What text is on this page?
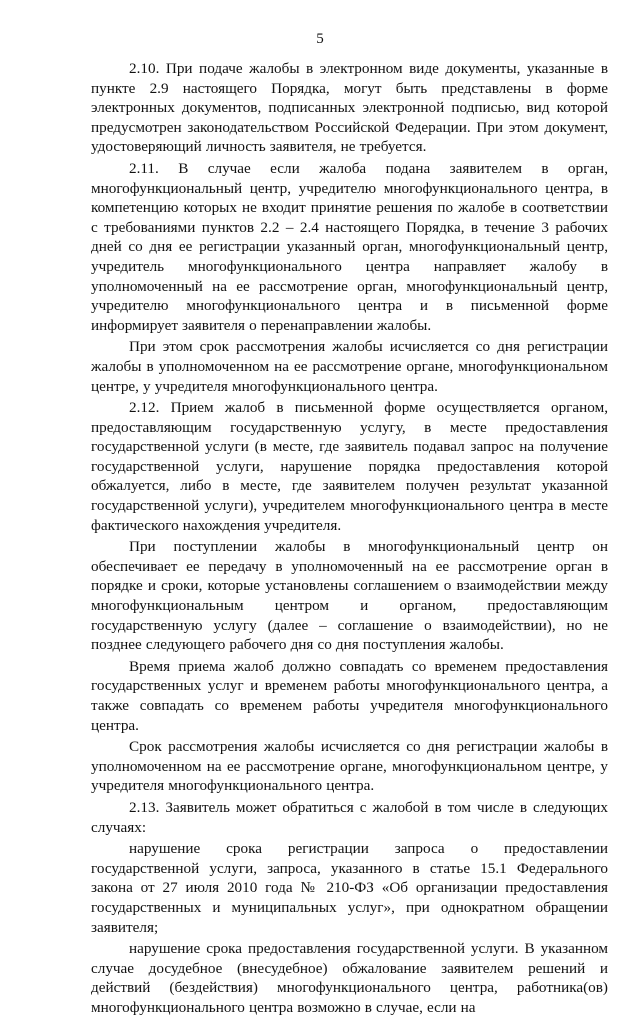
5

2.10. При подаче жалобы в электронном виде документы, указанные в пункте 2.9 настоящего Порядка, могут быть представлены в форме электронных документов, подписанных электронной подписью, вид которой предусмотрен законодательством Российской Федерации. При этом документ, удостоверяющий личность заявителя, не требуется.

2.11. В случае если жалоба подана заявителем в орган, многофункциональный центр, учредителю многофункционального центра, в компетенцию которых не входит принятие решения по жалобе в соответствии с требованиями пунктов 2.2 – 2.4 настоящего Порядка, в течение 3 рабочих дней со дня ее регистрации указанный орган, многофункциональный центр, учредитель многофункционального центра направляет жалобу в уполномоченный на ее рассмотрение орган, многофункциональный центр, учредителю многофункционального центра и в письменной форме информирует заявителя о перенаправлении жалобы.

При этом срок рассмотрения жалобы исчисляется со дня регистрации жалобы в уполномоченном на ее рассмотрение органе, многофункциональном центре, у учредителя многофункционального центра.

2.12. Прием жалоб в письменной форме осуществляется органом, предоставляющим государственную услугу, в месте предоставления государственной услуги (в месте, где заявитель подавал запрос на получение государственной услуги, нарушение порядка предоставления которой обжалуется, либо в месте, где заявителем получен результат указанной государственной услуги), учредителем многофункционального центра в месте фактического нахождения учредителя.

При поступлении жалобы в многофункциональный центр он обеспечивает ее передачу в уполномоченный на ее рассмотрение орган в порядке и сроки, которые установлены соглашением о взаимодействии между многофункциональным центром и органом, предоставляющим государственную услугу (далее – соглашение о взаимодействии), но не позднее следующего рабочего дня со дня поступления жалобы.

Время приема жалоб должно совпадать со временем предоставления государственных услуг и временем работы многофункционального центра, а также совпадать со временем работы учредителя многофункционального центра.

Срок рассмотрения жалобы исчисляется со дня регистрации жалобы в уполномоченном на ее рассмотрение органе, многофункциональном центре, у учредителя многофункционального центра.

2.13. Заявитель может обратиться с жалобой в том числе в следующих случаях:

нарушение срока регистрации запроса о предоставлении государственной услуги, запроса, указанного в статье 15.1 Федерального закона от 27 июля 2010 года № 210-ФЗ «Об организации предоставления государственных и муниципальных услуг», при однократном обращении заявителя;

нарушение срока предоставления государственной услуги. В указанном случае досудебное (внесудебное) обжалование заявителем решений и действий (бездействия) многофункционального центра, работника(ов) многофункционального центра возможно в случае, если на
